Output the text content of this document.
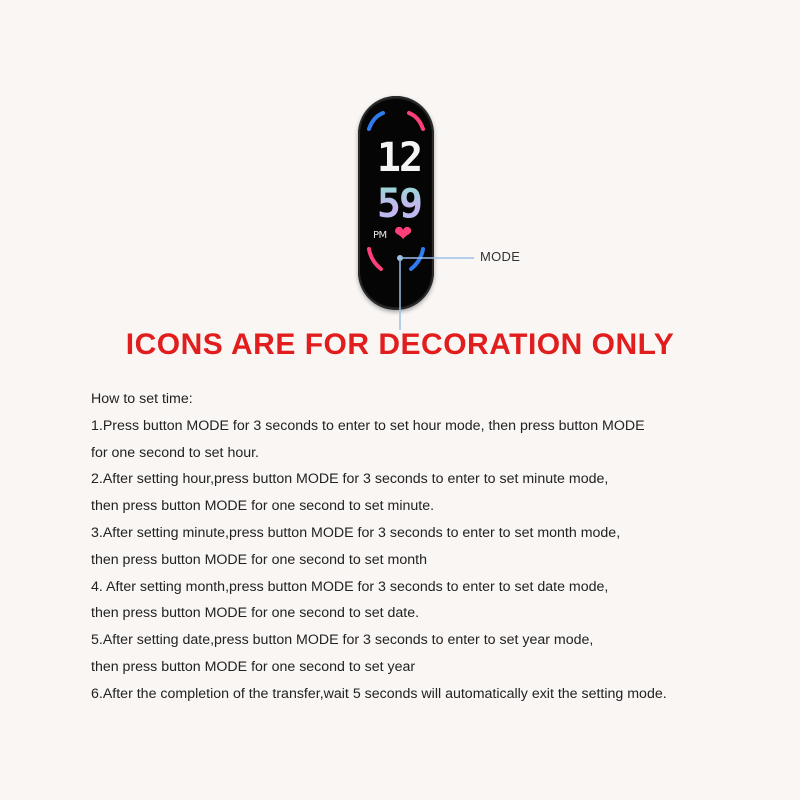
12
59
PM ❤
MODE
ICONS ARE FOR DECORATION ONLY
How to set time:
1.Press button MODE for 3 seconds to enter to set hour mode, then press button MODE
for one second to set hour.
2.After setting hour,press button MODE for 3 seconds to enter to set minute mode,
then press button MODE for one second to set minute.
3.After setting minute,press button MODE for 3 seconds to enter to set month mode,
then press button MODE for one second to set month
4. After setting month,press button MODE for 3 seconds to enter to set date mode,
then press button MODE for one second to set date.
5.After setting date,press button MODE for 3 seconds to enter to set year mode,
then press button MODE for one second to set year
6.After the completion of the transfer,wait 5 seconds will automatically exit the setting mode.
